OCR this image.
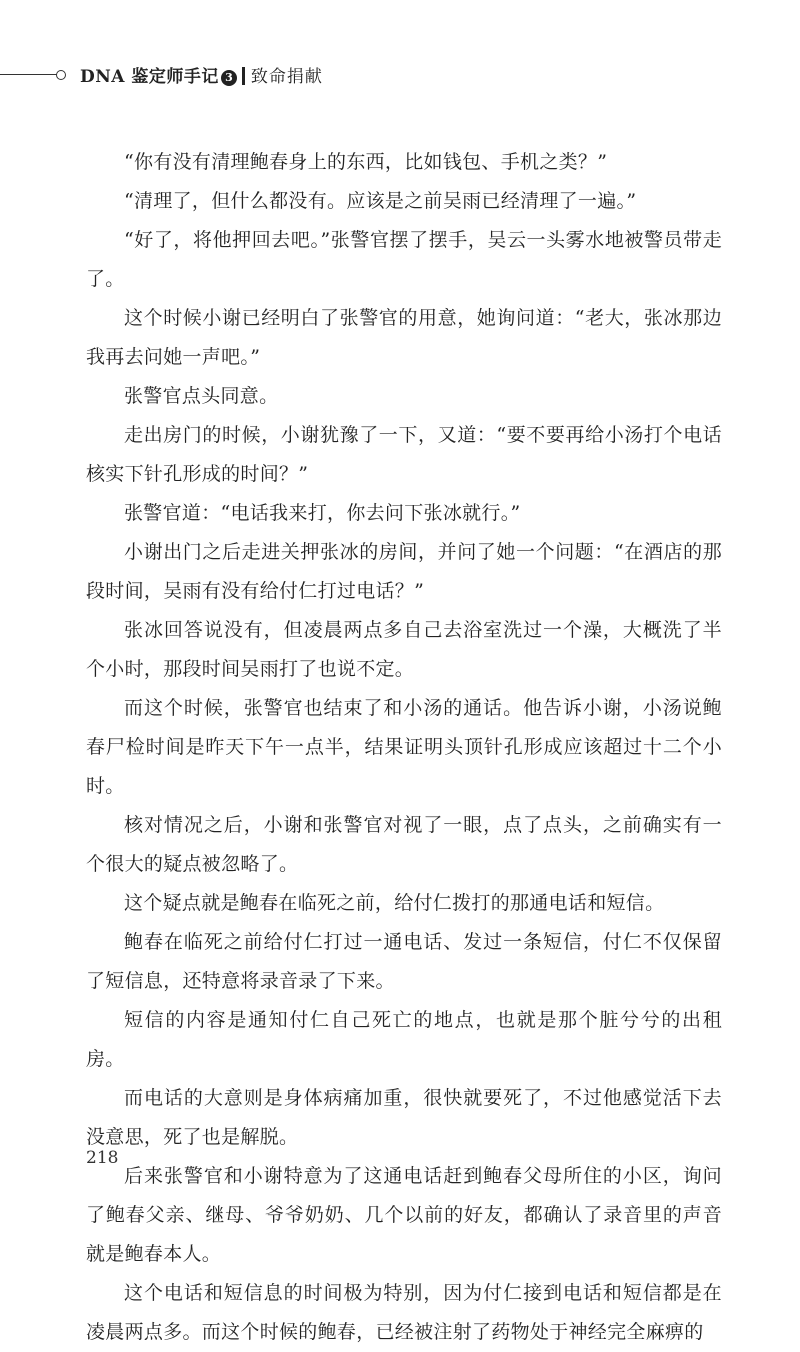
DNA 鉴定师手记 3 致命捐献

“你有没有清理鲍春身上的东西，比如钱包、手机之类？”

“清理了，但什么都没有。应该是之前吴雨已经清理了一遍。”

“好了，将他押回去吧。”张警官摆了摆手，吴云一头雾水地被警员带走了。

这个时候小谢已经明白了张警官的用意，她询问道：“老大，张冰那边我再去问她一声吧。”

张警官点头同意。

走出房门的时候，小谢犹豫了一下，又道：“要不要再给小汤打个电话核实下针孔形成的时间？”

张警官道：“电话我来打，你去问下张冰就行。”

小谢出门之后走进关押张冰的房间，并问了她一个问题：“在酒店的那段时间，吴雨有没有给付仁打过电话？”

张冰回答说没有，但凌晨两点多自己去浴室洗过一个澡，大概洗了半个小时，那段时间吴雨打了也说不定。

而这个时候，张警官也结束了和小汤的通话。他告诉小谢，小汤说鲍春尸检时间是昨天下午一点半，结果证明头顶针孔形成应该超过十二个小时。

核对情况之后，小谢和张警官对视了一眼，点了点头，之前确实有一个很大的疑点被忽略了。

这个疑点就是鲍春在临死之前，给付仁拨打的那通电话和短信。

鲍春在临死之前给付仁打过一通电话、发过一条短信，付仁不仅保留了短信息，还特意将录音录了下来。

短信的内容是通知付仁自己死亡的地点，也就是那个脏兮兮的出租房。

而电话的大意则是身体病痛加重，很快就要死了，不过他感觉活下去没意思，死了也是解脱。

后来张警官和小谢特意为了这通电话赶到鲍春父母所住的小区，询问了鲍春父亲、继母、爷爷奶奶、几个以前的好友，都确认了录音里的声音就是鲍春本人。

这个电话和短信息的时间极为特别，因为付仁接到电话和短信都是在凌晨两点多。而这个时候的鲍春，已经被注射了药物处于神经完全麻痹的

218
